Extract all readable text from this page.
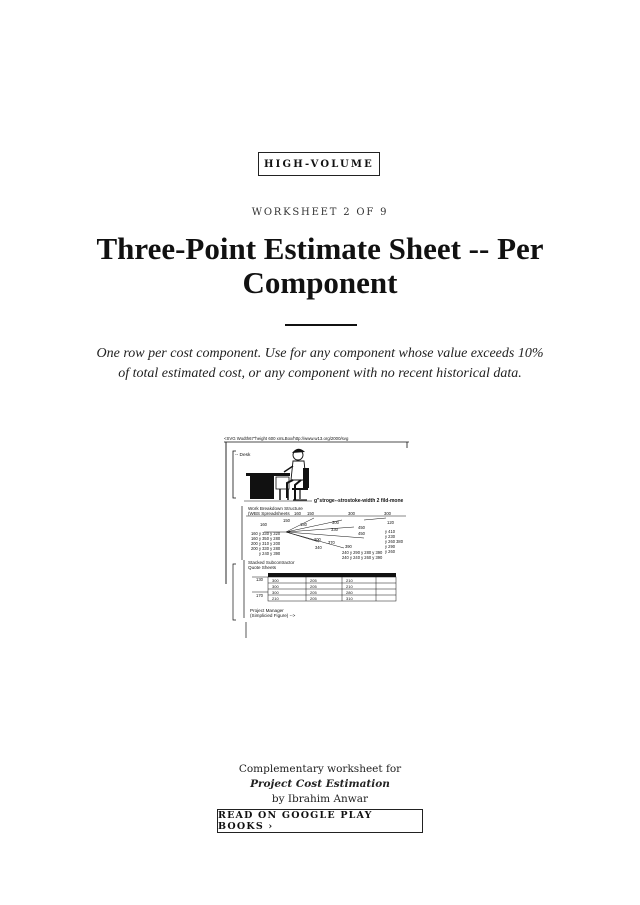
HIGH-VOLUME
WORKSHEET 2 OF 9
Three-Point Estimate Sheet -- Per Component
One row per cost component. Use for any component whose value exceeds 10% of total estimated cost, or any component with no recent historical data.
<SVG Wodth67"height 600 xmLBox/http://www.w13.org/2000/svg
-- Desk
g"stroge--strostoke-width 2 fild-mone
Work Breakdown Structure
(WBS Spreadsheets 160 150	300	300
150
160	300
450
120
180
330
450
160 y 330 y 320
160 y 350 y 280
200 y 310 y 200
200 y 330 y 280
y 240 y 390
200
370
340	390
y 410
y 230
y 260 380
y 290
y 260
240 y 290 y 280 y 390
240 y 240 y 260 y 390
Stacked Subcontractor
Quote Sheets
130
170
300	205	210
300	205	210
300	205	280
210	205	310
Project Manager
(Simplicied Figure) -->
Complementary worksheet for
Project Cost Estimation
by Ibrahim Anwar
READ ON GOOGLE PLAY BOOKS ›
